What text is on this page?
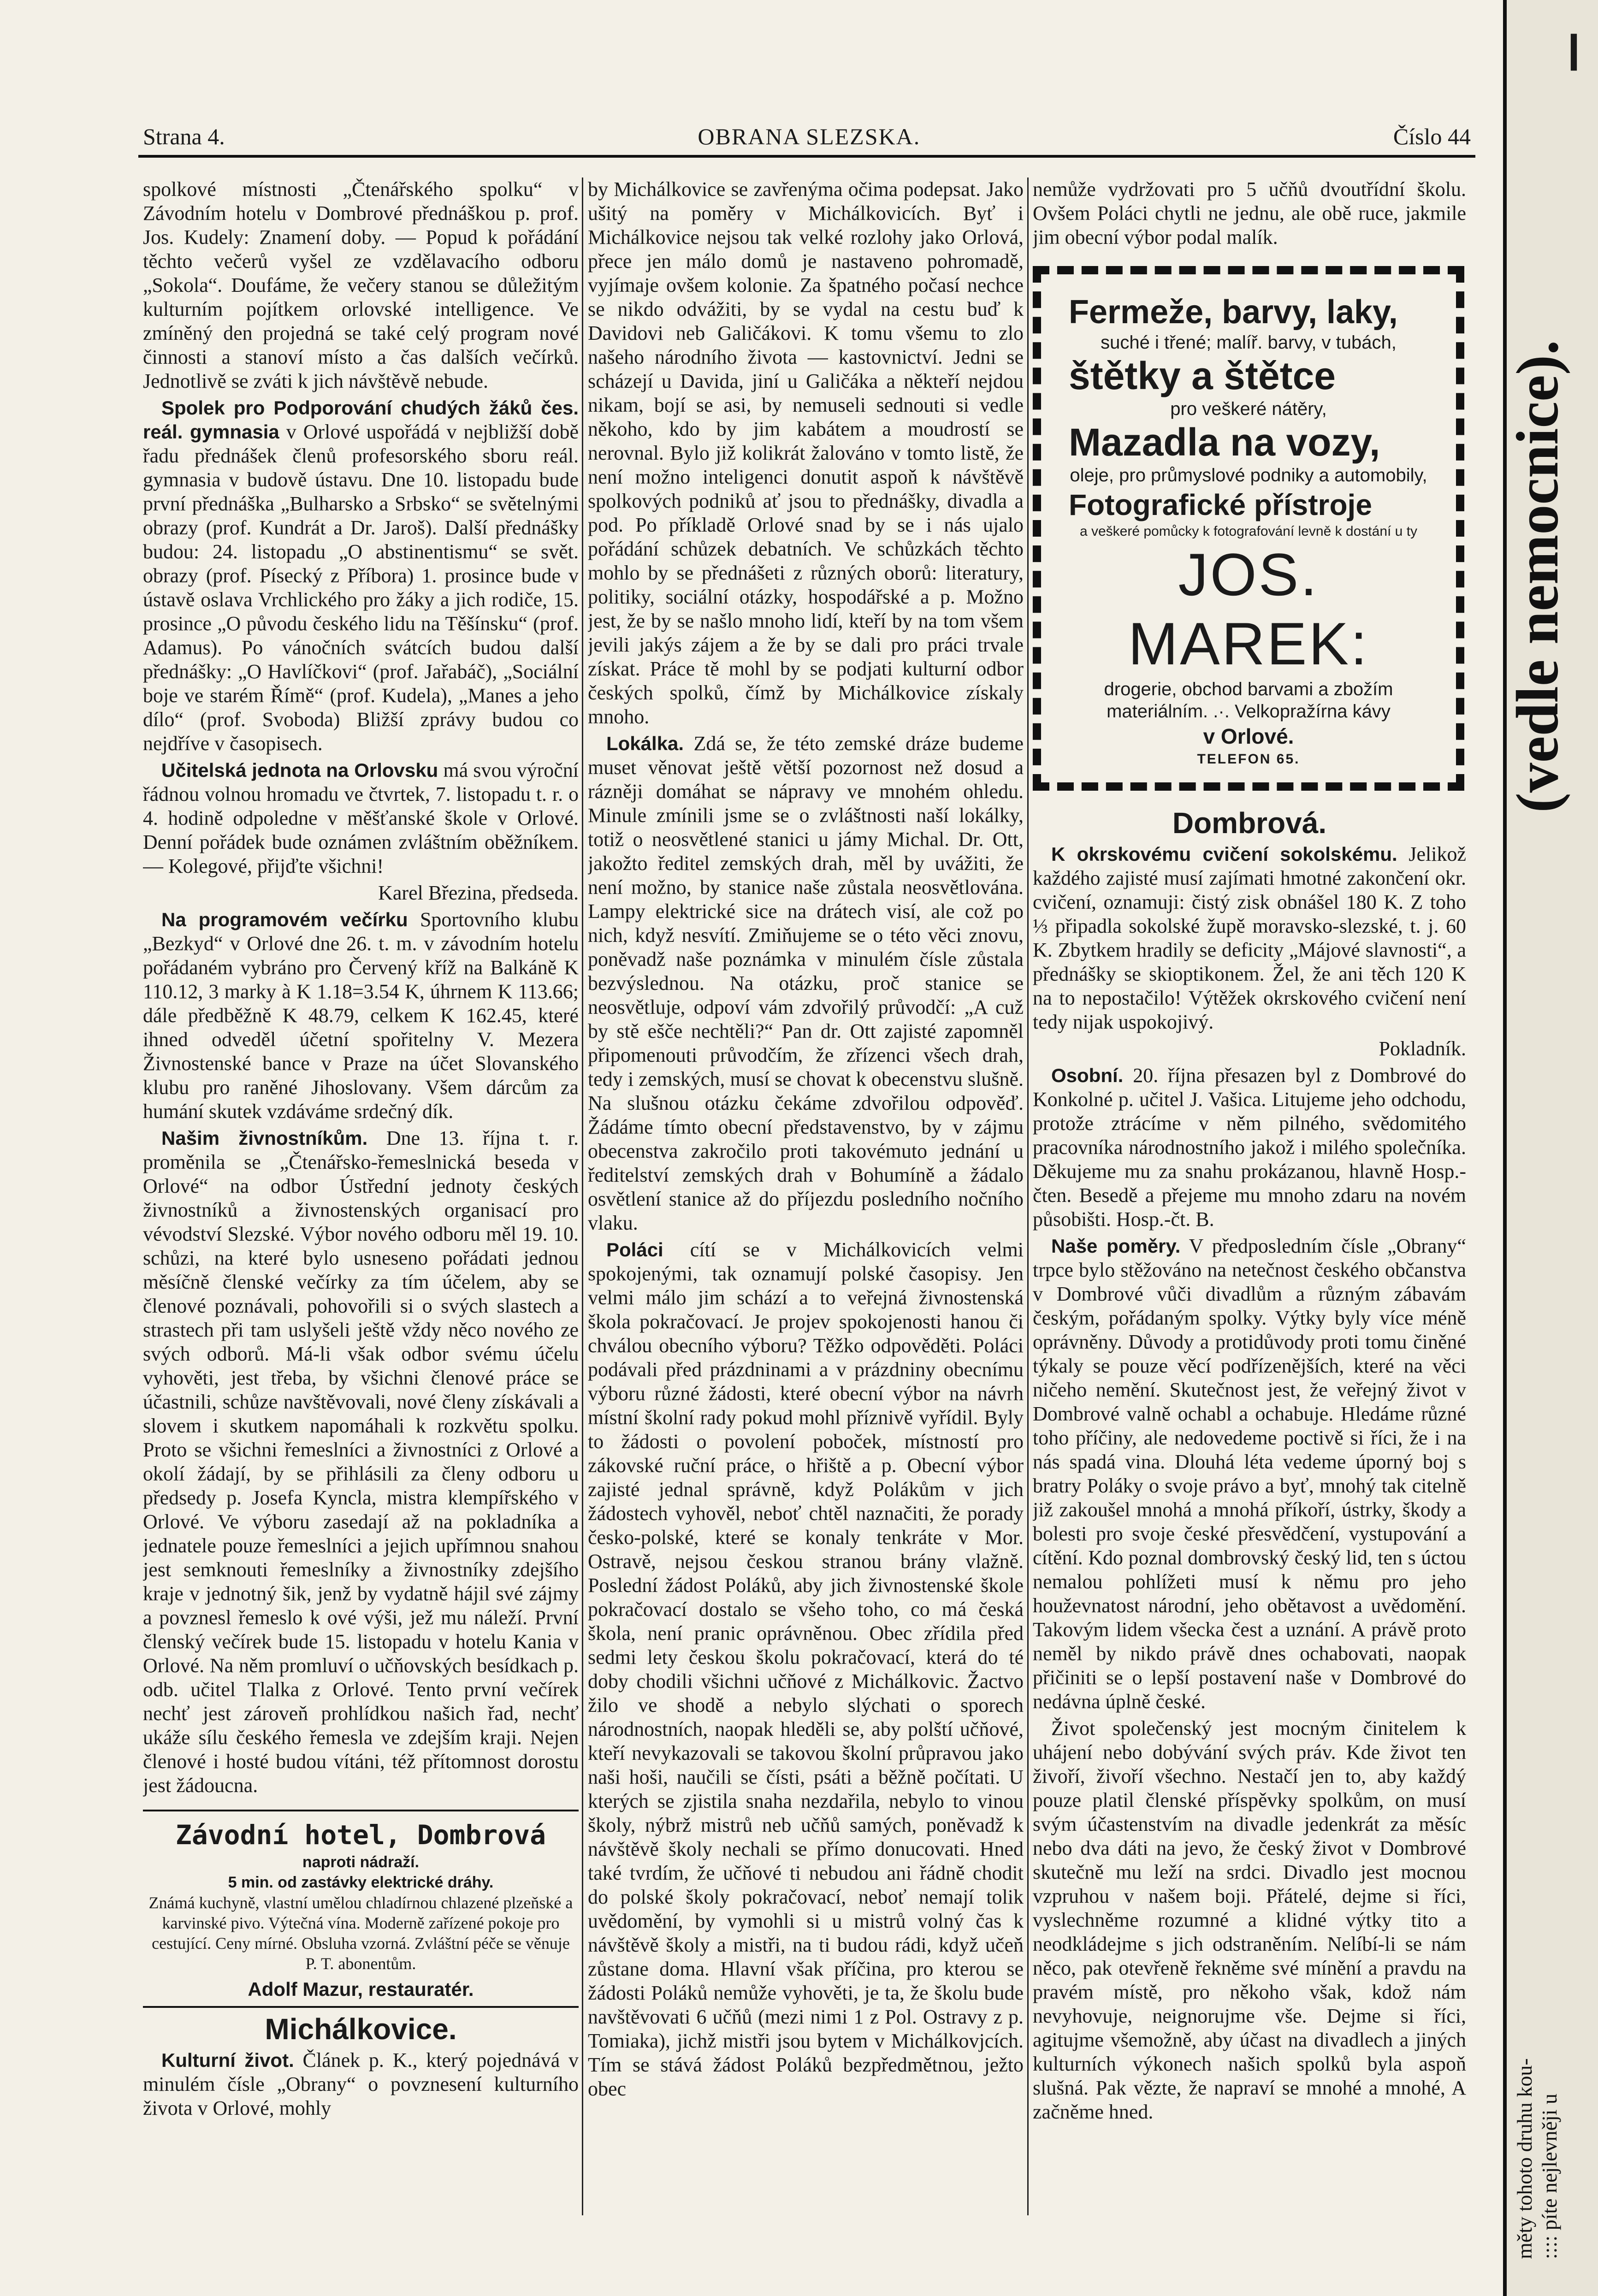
Strana 4.	OBRANA SLEZSKA.	Číslo 44

spolkové místnosti „Čtenářského spolku“ v Závodním hotelu v Dombrové přednáškou p. prof. Jos. Kudely: Znamení doby. — Popud k pořádání těchto večerů vyšel ze vzdělavacího odboru „Sokola“. Doufáme, že večery stanou se důležitým kulturním pojítkem orlovské intelligence. Ve zmíněný den projedná se také celý program nové činnosti a stanoví místo a čas dalších večírků. Jednotlivě se zváti k jich návštěvě nebude.

Spolek pro Podporování chudých žáků čes. reál. gymnasia v Orlové uspořádá v nejbližší době řadu přednášek členů profesorského sboru reál. gymnasia v budově ústavu. Dne 10. listopadu bude první přednáška „Bulharsko a Srbsko“ se světelnými obrazy (prof. Kundrát a Dr. Jaroš). Další přednášky budou: 24. listopadu „O abstinentismu“ se svět. obrazy (prof. Písecký z Příbora) 1. prosince bude v ústavě oslava Vrchlického pro žáky a jich rodiče, 15. prosince „O původu českého lidu na Těšínsku“ (prof. Adamus). Po vánočních svátcích budou další přednášky: „O Havlíčkovi“ (prof. Jařabáč), „Sociální boje ve starém Římě“ (prof. Kudela), „Manes a jeho dílo“ (prof. Svoboda) Bližší zprávy budou co nejdříve v časopisech.

Učitelská jednota na Orlovsku má svou výroční řádnou volnou hromadu ve čtvrtek, 7. listopadu t. r. o 4. hodině odpoledne v měšťanské škole v Orlové. Denní pořádek bude oznámen zvláštním oběžníkem. — Kolegové, přijďte všichni!

Karel Březina, předseda.

Na programovém večírku Sportovního klubu „Bezkyd“ v Orlové dne 26. t. m. v závodním hotelu pořádaném vybráno pro Červený kříž na Balkáně K 110.12, 3 marky à K 1.18=3.54 K, úhrnem K 113.66; dále předběžně K 48.79, celkem K 162.45, které ihned odveděl účetní spořitelny V. Mezera Živnostenské bance v Praze na účet Slovanského klubu pro raněné Jihoslovany. Všem dárcům za humání skutek vzdáváme srdečný dík.

Našim živnostníkům. Dne 13. října t. r. proměnila se „Čtenářsko-řemeslnická beseda v Orlové“ na odbor Ústřední jednoty českých živnostníků a živnostenských organisací pro vévodství Slezské. Výbor nového odboru měl 19. 10. schůzi, na které bylo usneseno pořádati jednou měsíčně členské večírky za tím účelem, aby se členové poznávali, pohovořili si o svých slastech a strastech při tam uslyšeli ještě vždy něco nového ze svých odborů. Má-li však odbor svému účelu vyhověti, jest třeba, by všichni členové práce se účastnili, schůze navštěvovali, nové členy získávali a slovem i skutkem napomáhali k rozkvětu spolku. Proto se všichni řemeslníci a živnostníci z Orlové a okolí žádají, by se přihlásili za členy odboru u předsedy p. Josefa Kyncla, mistra klempířského v Orlové. Ve výboru zasedají až na pokladníka a jednatele pouze řemeslníci a jejich upřímnou snahou jest semknouti řemeslníky a živnostníky zdejšího kraje v jednotný šik, jenž by vydatně hájil své zájmy a povznesl řemeslo k ové výši, jež mu náleží. První členský večírek bude 15. listopadu v hotelu Kania v Orlové. Na něm promluví o učňovských besídkach p. odb. učitel Tlalka z Orlové. Tento první večírek nechť jest zároveň prohlídkou našich řad, nechť ukáže sílu českého řemesla ve zdejším kraji. Nejen členové i hosté budou vítáni, též přítomnost dorostu jest žádoucna.

Závodní hotel, Dombrová
naproti nádraží.
5 min. od zastávky elektrické dráhy.
Známá kuchyně, vlastní umělou chladírnou chlazené plzeňské a karvinské pivo. Výtečná vína. Moderně zařízené pokoje pro cestující. Ceny mírné. Obsluha vzorná. Zvláštní péče se věnuje P. T. abonentům.
Adolf Mazur, restauratér.
Michálkovice.

Kulturní život. Článek p. K., který pojednává v minulém čísle „Obrany“ o povznesení kulturního života v Orlové, mohly

by Michálkovice se zavřenýma očima podepsat. Jako ušitý na poměry v Michálkovicích. Byť i Michálkovice nejsou tak velké rozlohy jako Orlová, přece jen málo domů je nastaveno pohromadě, vyjímaje ovšem kolonie. Za špatného počasí nechce se nikdo odvážiti, by se vydal na cestu buď k Davidovi neb Galičákovi. K tomu všemu to zlo našeho národního života — kastovnictví. Jedni se scházejí u Davida, jiní u Galičáka a někteří nejdou nikam, bojí se asi, by nemuseli sednouti si vedle někoho, kdo by jim kabátem a moudrostí se nerovnal. Bylo již kolikrát žalováno v tomto listě, že není možno inteligenci donutit aspoň k návštěvě spolkových podniků ať jsou to přednášky, divadla a pod. Po příkladě Orlové snad by se i nás ujalo pořádání schůzek debatních. Ve schůzkách těchto mohlo by se přednášeti z různých oborů: literatury, politiky, sociální otázky, hospodářské a p. Možno jest, že by se našlo mnoho lidí, kteří by na tom všem jevili jakýs zájem a že by se dali pro práci trvale získat. Práce tě mohl by se podjati kulturní odbor českých spolků, čímž by Michálkovice získaly mnoho.

Lokálka. Zdá se, že této zemské dráze budeme muset věnovat ještě větší pozornost než dosud a rázněji domáhat se nápravy ve mnohém ohledu. Minule zmínili jsme se o zvláštnosti naší lokálky, totiž o neosvětlené stanici u jámy Michal. Dr. Ott, jakožto ředitel zemských drah, měl by uvážiti, že není možno, by stanice naše zůstala neosvětlována. Lampy elektrické sice na drátech visí, ale což po nich, když nesvítí. Zmiňujeme se o této věci znovu, poněvadž naše poznámka v minulém čísle zůstala bezvýslednou. Na otázku, proč stanice se neosvětluje, odpoví vám zdvořilý průvodčí: „A cuž by stě ešče nechtěli?“ Pan dr. Ott zajisté zapomněl připomenouti průvodčím, že zřízenci všech drah, tedy i zemských, musí se chovat k obecenstvu slušně. Na slušnou otázku čekáme zdvořilou odpověď. Žádáme tímto obecní představenstvo, by v zájmu obecenstva zakročilo proti takovémuto jednání u ředitelství zemských drah v Bohumíně a žádalo osvětlení stanice až do příjezdu posledního nočního vlaku.

Poláci cítí se v Michálkovicích velmi spokojenými, tak oznamují polské časopisy. Jen velmi málo jim schází a to veřejná živnostenská škola pokračovací. Je projev spokojenosti hanou či chválou obecního výboru? Těžko odpověděti. Poláci podávali před prázdninami a v prázdniny obecnímu výboru různé žádosti, které obecní výbor na návrh místní školní rady pokud mohl příznivě vyřídil. Byly to žádosti o povolení poboček, místností pro zákovské ruční práce, o hřiště a p. Obecní výbor zajisté jednal správně, když Polákům v jich žádostech vyhověl, neboť chtěl naznačiti, že porady česko-polské, které se konaly tenkráte v Mor. Ostravě, nejsou českou stranou brány vlažně. Poslední žádost Poláků, aby jich živnostenské škole pokračovací dostalo se všeho toho, co má česká škola, není pranic oprávněnou. Obec zřídila před sedmi lety českou školu pokračovací, která do té doby chodili všichni učňové z Michálkovic. Žactvo žilo ve shodě a nebylo slýchati o sporech národnostních, naopak hleděli se, aby polští učňové, kteří nevykazovali se takovou školní průpravou jako naši hoši, naučili se čísti, psáti a běžně počítati. U kterých se zjistila snaha nezdařila, nebylo to vinou školy, nýbrž mistrů neb učňů samých, poněvadž k návštěvě školy nechali se přímo donucovati. Hned také tvrdím, že učňové ti nebudou ani řádně chodit do polské školy pokračovací, neboť nemají tolik uvědomění, by vymohli si u mistrů volný čas k návštěvě školy a mistři, na ti budou rádi, když učeň zůstane doma. Hlavní však příčina, pro kterou se žádosti Poláků nemůže vyhověti, je ta, že školu bude navštěvovati 6 učňů (mezi nimi 1 z Pol. Ostravy z p. Tomiaka), jichž mistři jsou bytem v Michálkovjcích. Tím se stává žádost Poláků bezpředmětnou, ježto obec

nemůže vydržovati pro 5 učňů dvoutřídní školu. Ovšem Poláci chytli ne jednu, ale obě ruce, jakmile jim obecní výbor podal malík.

Fermeže, barvy, laky,
suché i třené; malíř. barvy, v tubách,
štětky a štětce
pro veškeré nátěry,
Mazadla na vozy,
oleje, pro průmyslové podniky a automobily,
Fotografické přístroje
a veškeré pomůcky k fotografování levně k dostání u ty
JOS. MAREK:
drogerie, obchod barvami a zbožím materiálním. .·. Velkopražírna kávy
v Orlové.
TELEFON 65.
Dombrová.

K okrskovému cvičení sokolskému. Jelikož každého zajisté musí zajímati hmotné zakončení okr. cvičení, oznamuji: čistý zisk obnášel 180 K. Z toho ⅓ připadla sokolské župě moravsko-slezské, t. j. 60 K. Zbytkem hradily se deficity „Májové slavnosti“, a přednášky se skioptikonem. Žel, že ani těch 120 K na to nepostačilo! Výtěžek okrskového cvičení není tedy nijak uspokojivý.

Pokladník.

Osobní. 20. října přesazen byl z Dombrové do Konkolné p. učitel J. Vašica. Litujeme jeho odchodu, protože ztrácíme v něm pilného, svědomitého pracovníka národnostního jakož i milého společníka. Děkujeme mu za snahu prokázanou, hlavně Hosp.-čten. Besedě a přejeme mu mnoho zdaru na novém působišti. Hosp.-čt. B.

Naše poměry. V předposledním čísle „Obrany“ trpce bylo stěžováno na netečnost českého občanstva v Dombrové vůči divadlům a různým zábavám českým, pořádaným spolky. Výtky byly více méně oprávněny. Důvody a protidůvody proti tomu činěné týkaly se pouze věcí podřízenějších, které na věci ničeho nemění. Skutečnost jest, že veřejný život v Dombrové valně ochabl a ochabuje. Hledáme různé toho příčiny, ale nedovedeme poctivě si říci, že i na nás spadá vina. Dlouhá léta vedeme úporný boj s bratry Poláky o svoje právo a byť, mnohý tak citelně již zakoušel mnohá a mnohá příkoří, ústrky, škody a bolesti pro svoje české přesvědčení, vystupování a cítění. Kdo poznal dombrovský český lid, ten s úctou nemalou pohlížeti musí k němu pro jeho houževnatost národní, jeho obětavost a uvědomění. Takovým lidem všecka čest a uznání. A právě proto neměl by nikdo právě dnes ochabovati, naopak přičiniti se o lepší postavení naše v Dombrové do nedávna úplně české.

Život společenský jest mocným činitelem k uhájení nebo dobývání svých práv. Kde život ten živoří, živoří všechno. Nestačí jen to, aby každý pouze platil členské příspěvky spolkům, on musí svým účastenstvím na divadle jedenkrát za měsíc nebo dva dáti na jevo, že český život v Dombrové skutečně mu leží na srdci. Divadlo jest mocnou vzpruhou v našem boji. Přátelé, dejme si říci, vyslechněme rozumné a klidné výtky tito a neodkládejme s jich odstraněním. Nelíbí-li se nám něco, pak otevřeně řekněme své mínění a pravdu na pravém místě, pro někoho však, kdož nám nevyhovuje, neignorujme vše. Dejme si říci, agitujme všemožně, aby účast na divadlech a jiných kulturních výkonech našich spolků byla aspoň slušná. Pak vězte, že napraví se mnohé a mnohé, A začněme hned.

❙
(vedle nemocnice).
měty tohoto druhu kou- :::: píte nejlevněji u
